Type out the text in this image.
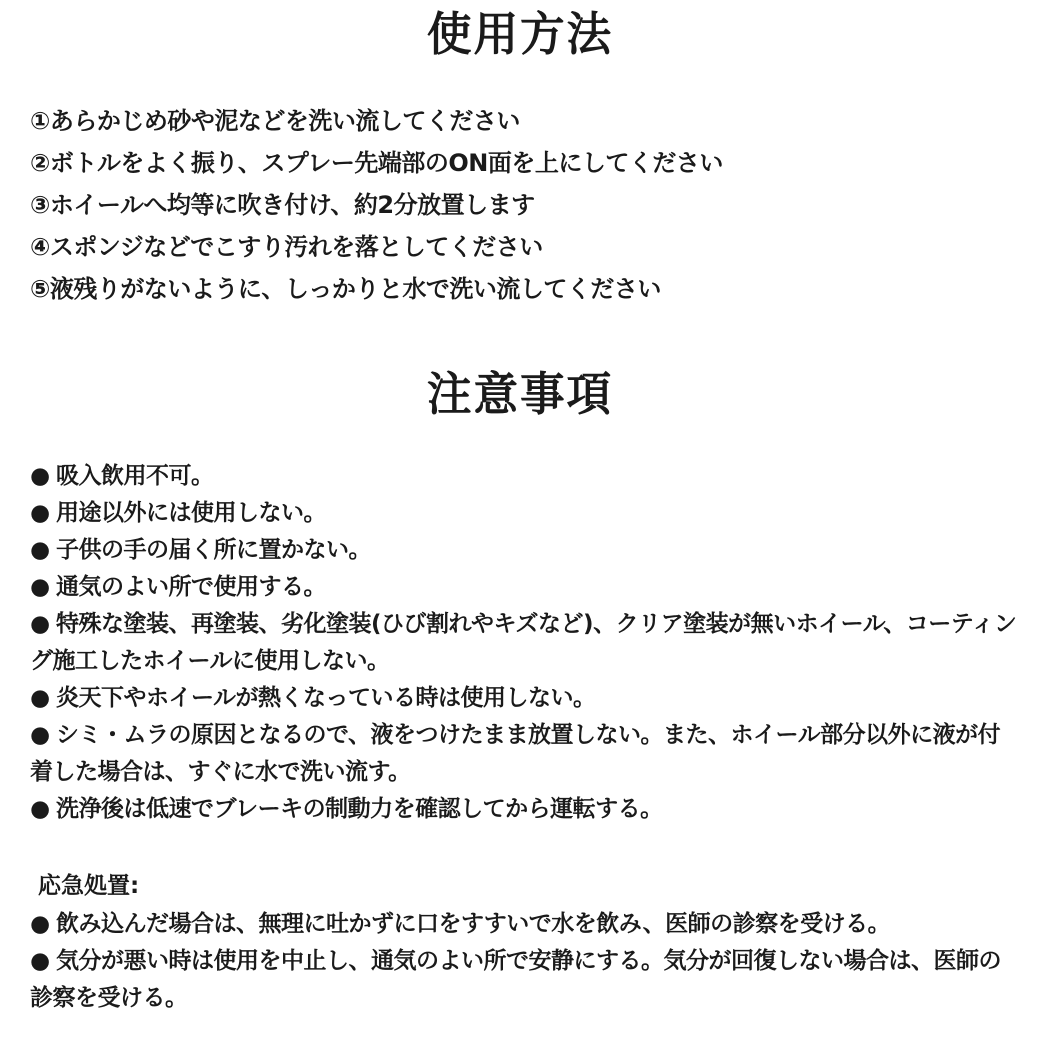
使用方法
①あらかじめ砂や泥などを洗い流してください
②ボトルをよく振り、スプレー先端部のON面を上にしてください
③ホイールへ均等に吹き付け、約2分放置します
④スポンジなどでこすり汚れを落としてください
⑤液残りがないように、しっかりと水で洗い流してください
注意事項
● 吸入飲用不可。
● 用途以外には使用しない。
● 子供の手の届く所に置かない。
● 通気のよい所で使用する。
● 特殊な塗装、再塗装、劣化塗装(ひび割れやキズなど)、クリア塗装が無いホイール、コーティング施工したホイールに使用しない。
● 炎天下やホイールが熱くなっている時は使用しない。
● シミ・ムラの原因となるので、液をつけたまま放置しない。また、ホイール部分以外に液が付着した場合は、すぐに水で洗い流す。
● 洗浄後は低速でブレーキの制動力を確認してから運転する。
応急処置:
● 飲み込んだ場合は、無理に吐かずに口をすすいで水を飲み、医師の診察を受ける。
● 気分が悪い時は使用を中止し、通気のよい所で安静にする。気分が回復しない場合は、医師の診察を受ける。
